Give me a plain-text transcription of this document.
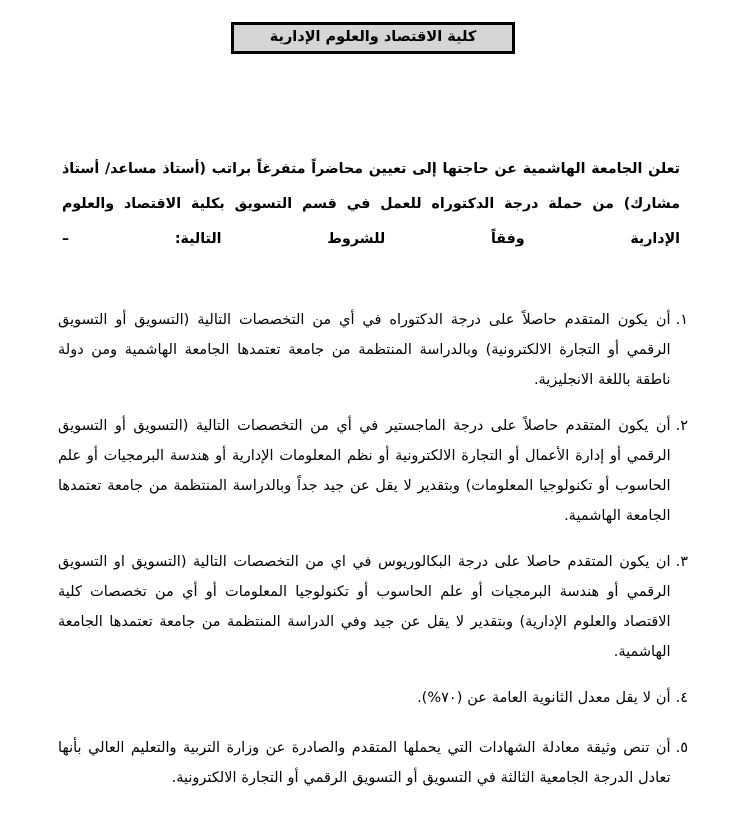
كلية الاقتصاد والعلوم الإدارية

تعلن الجامعة الهاشمية عن حاجتها إلى تعيين محاضراً متفرغاً براتب (أستاذ مساعد/ أستاذ مشارك) من حملة درجة الدكتوراه للعمل في قسم التسويق بكلية الاقتصاد والعلوم الإدارية وفقاً للشروط التالية: –

١.
أن يكون المتقدم حاصلاً على درجة الدكتوراه في أي من التخصصات التالية (التسويق أو التسويق الرقمي أو التجارة الالكترونية) وبالدراسة المنتظمة من جامعة تعتمدها الجامعة الهاشمية ومن دولة ناطقة باللغة الانجليزية.
٢.
أن يكون المتقدم حاصلاً على درجة الماجستير في أي من التخصصات التالية (التسويق أو التسويق الرقمي أو إدارة الأعمال أو التجارة الالكترونية أو نظم المعلومات الإدارية أو هندسة البرمجيات أو علم الحاسوب أو تكنولوجيا المعلومات) وبتقدير لا يقل عن جيد جداً وبالدراسة المنتظمة من جامعة تعتمدها الجامعة الهاشمية.
٣.
ان يكون المتقدم حاصلا على درجة البكالوريوس في اي من التخصصات التالية (التسويق او التسويق الرقمي أو هندسة البرمجيات أو علم الحاسوب أو تكنولوجيا المعلومات أو أي من تخصصات كلية الاقتصاد والعلوم الإدارية) وبتقدير لا يقل عن جيد وفي الدراسة المنتظمة من جامعة تعتمدها الجامعة الهاشمية.
٤.
أن لا يقل معدل الثانوية العامة عن (٧٠%).
٥.
أن تنص وثيقة معادلة الشهادات التي يحملها المتقدم والصادرة عن وزارة التربية والتعليم العالي بأنها تعادل الدرجة الجامعية الثالثة في التسويق أو التسويق الرقمي أو التجارة الالكترونية.
